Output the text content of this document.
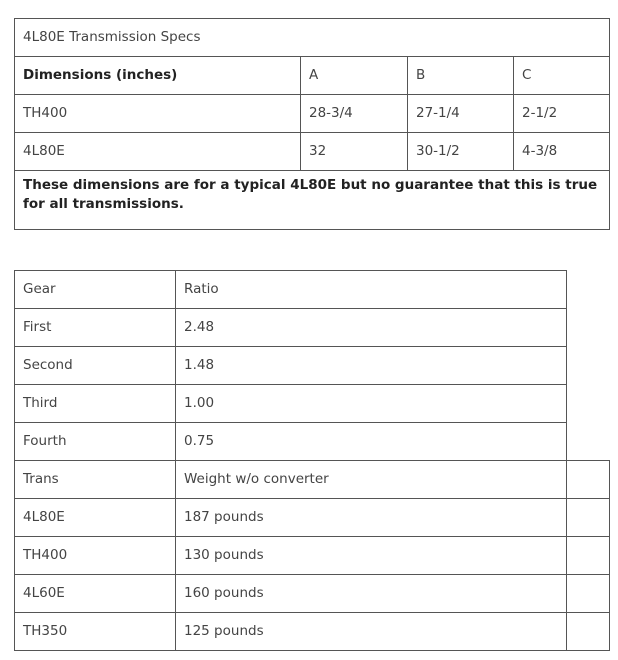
4L80E Transmission Specs
Dimensions (inches)	A	B	C
TH400	28-3/4	27-1/4	2-1/2
4L80E	32	30-1/2	4-3/8
These dimensions are for a typical 4L80E but no guarantee that this is true for all transmissions.
Gear	Ratio
First	2.48
Second	1.48
Third	1.00
Fourth	0.75
Trans	Weight w/o converter
4L80E	187 pounds
TH400	130 pounds
4L60E	160 pounds
TH350	125 pounds
